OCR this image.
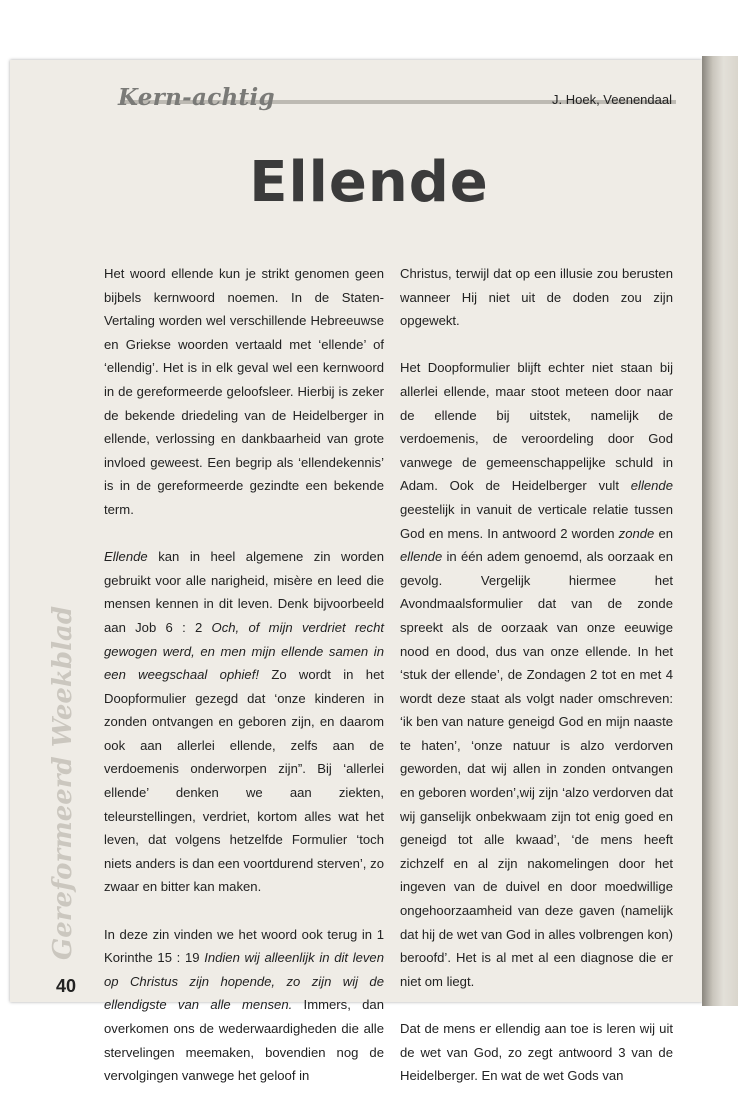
Kern-achtig	J. Hoek, Veenendaal
Ellende

Het woord ellende kun je strikt genomen geen bijbels kernwoord noemen. In de Staten-Vertaling worden wel verschillende Hebreeuwse en Griekse woorden vertaald met ‘ellende’ of ‘ellendig’. Het is in elk geval wel een kernwoord in de gereformeerde geloofsleer. Hierbij is zeker de bekende driedeling van de Heidelberger in ellende, verlossing en dankbaarheid van grote invloed geweest. Een begrip als ‘ellendekennis’ is in de gereformeerde gezindte een bekende term.

Ellende kan in heel algemene zin worden gebruikt voor alle narigheid, misère en leed die mensen kennen in dit leven. Denk bijvoorbeeld aan Job 6 : 2 Och, of mijn verdriet recht gewogen werd, en men mijn ellende samen in een weegschaal ophief! Zo wordt in het Doopformulier gezegd dat ‘onze kinderen in zonden ontvangen en geboren zijn, en daarom ook aan allerlei ellende, zelfs aan de verdoemenis onderworpen zijn”. Bij ‘allerlei ellende’ denken we aan ziekten, teleurstellingen, verdriet, kortom alles wat het leven, dat volgens hetzelfde Formulier ‘toch niets anders is dan een voortdurend sterven’, zo zwaar en bitter kan maken.

In deze zin vinden we het woord ook terug in 1 Korinthe 15 : 19 Indien wij alleenlijk in dit leven op Christus zijn hopende, zo zijn wij de ellendigste van alle mensen. Immers, dan overkomen ons de wederwaardigheden die alle stervelingen meemaken, bovendien nog de vervolgingen vanwege het geloof in

Christus, terwijl dat op een illusie zou berusten wanneer Hij niet uit de doden zou zijn opgewekt.

Het Doopformulier blijft echter niet staan bij allerlei ellende, maar stoot meteen door naar de ellende bij uitstek, namelijk de verdoemenis, de veroordeling door God vanwege de gemeenschappelijke schuld in Adam. Ook de Heidelberger vult ellende geestelijk in vanuit de verticale relatie tussen God en mens. In antwoord 2 worden zonde en ellende in één adem genoemd, als oorzaak en gevolg. Vergelijk hiermee het Avondmaalsformulier dat van de zonde spreekt als de oorzaak van onze eeuwige nood en dood, dus van onze ellende. In het ‘stuk der ellende’, de Zondagen 2 tot en met 4 wordt deze staat als volgt nader omschreven: ‘ik ben van nature geneigd God en mijn naaste te haten’, ‘onze natuur is alzo verdorven geworden, dat wij allen in zonden ontvangen en geboren worden’,wij zijn ‘alzo verdorven dat wij ganselijk onbekwaam zijn tot enig goed en geneigd tot alle kwaad’, ‘de mens heeft zichzelf en al zijn nakomelingen door het ingeven van de duivel en door moedwillige ongehoorzaamheid van deze gaven (namelijk dat hij de wet van God in alles volbrengen kon) beroofd’. Het is al met al een diagnose die er niet om liegt.

Dat de mens er ellendig aan toe is leren wij uit de wet van God, zo zegt antwoord 3 van de Heidelberger. En wat de wet Gods van

Gereformeerd Weekblad
40
